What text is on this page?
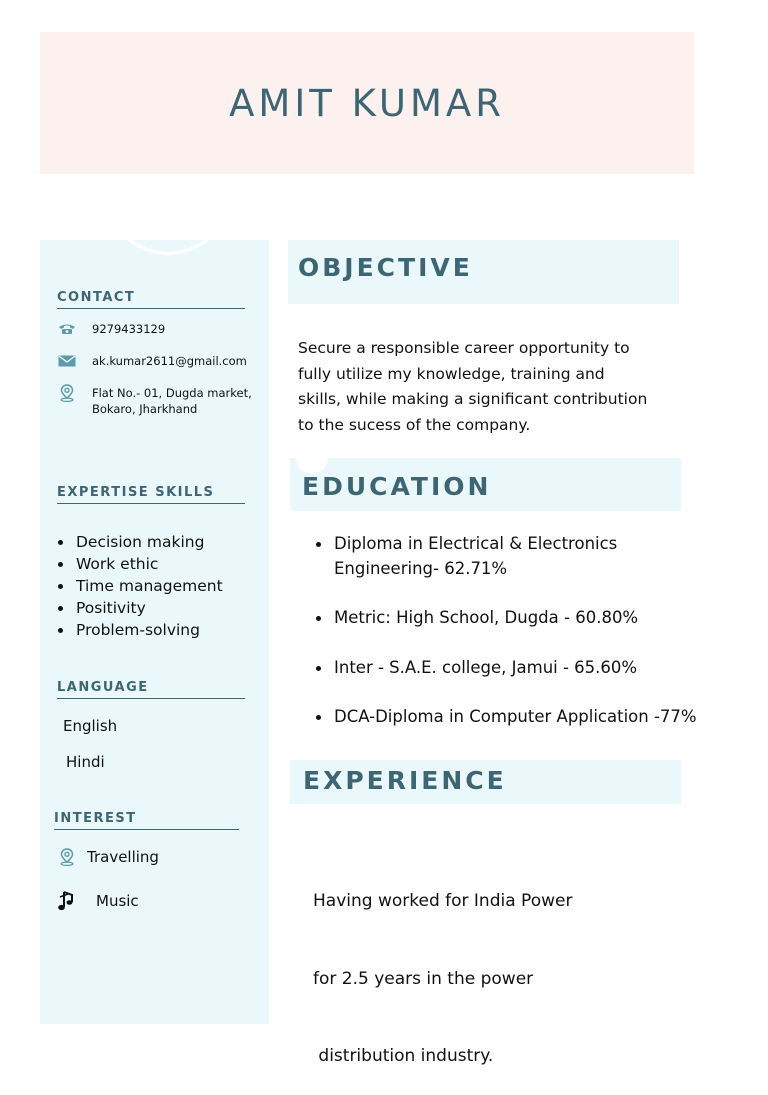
AMIT KUMAR
CONTACT
9279433129
ak.kumar2611@gmail.com
Flat No.- 01, Dugda market,
Bokaro, Jharkhand
EXPERTISE SKILLS
Decision making
Work ethic
Time management
Positivity
Problem-solving
LANGUAGE
English
Hindi
INTEREST
Travelling
Music
OBJECTIVE
Secure a responsible career opportunity to
fully utilize my knowledge, training and
skills, while making a significant contribution
to the sucess of the company.
EDUCATION
Diploma in Electrical & Electronics
Engineering- 62.71%
Metric: High School, Dugda - 60.80%
Inter - S.A.E. college, Jamui - 65.60%
DCA-Diploma in Computer Application -77%
EXPERIENCE

Having worked for India Power

for 2.5 years in the power

distribution industry.
